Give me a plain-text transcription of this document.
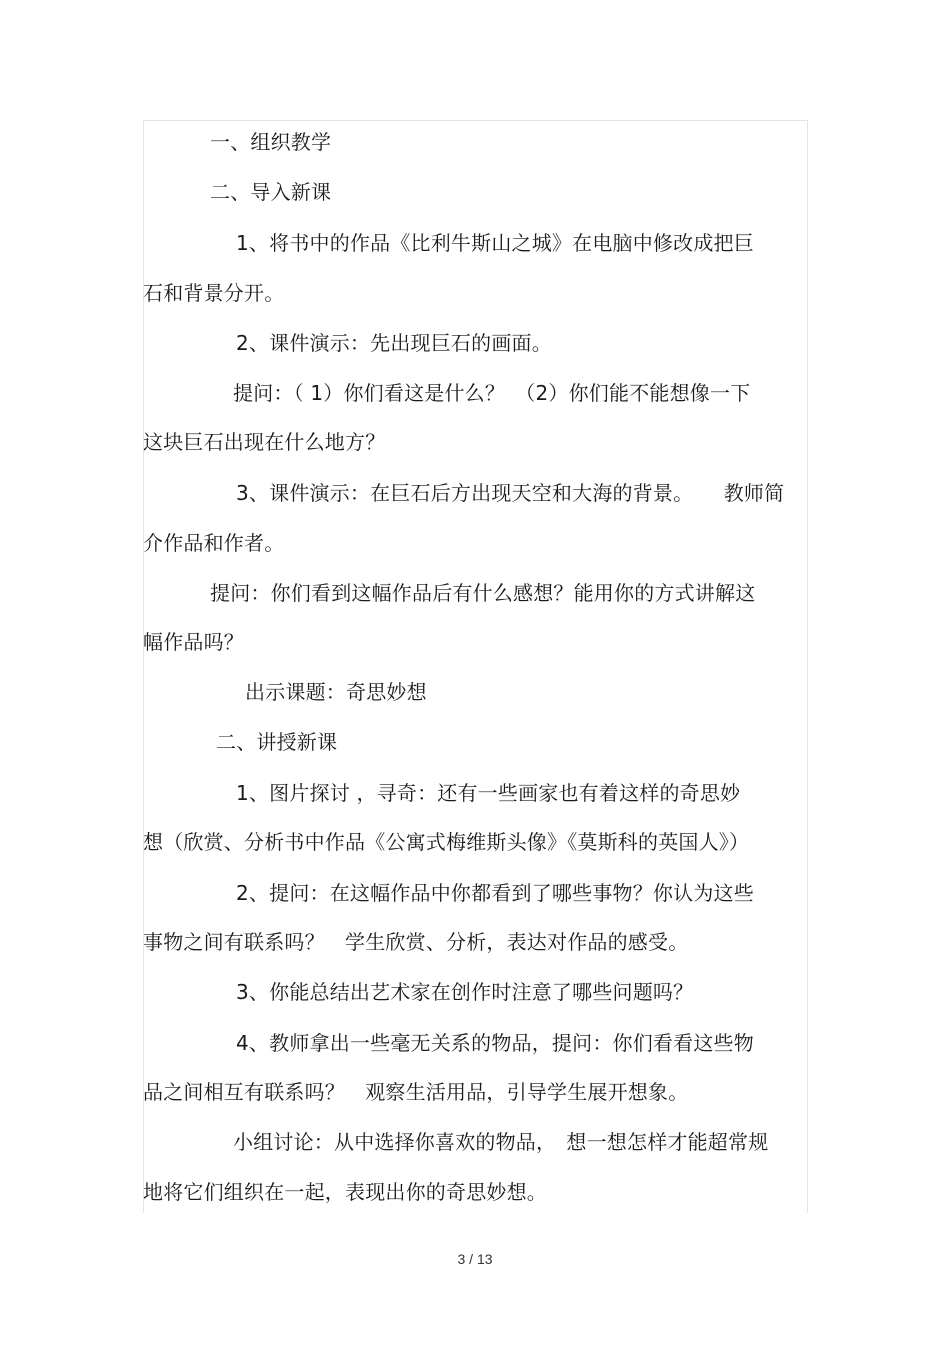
一、组织教学
二、导入新课
1、将书中的作品《比利牛斯山之城》在电脑中修改成把巨
石和背景分开。
2、课件演示：先出现巨石的画面。
提问：（ 1）你们看这是什么？　（2）你们能不能想像一下
这块巨石出现在什么地方？
3、课件演示：在巨石后方出现天空和大海的背景。　　教师简
介作品和作者。
提问：你们看到这幅作品后有什么感想？能用你的方式讲解这
幅作品吗？
出示课题：奇思妙想
二、讲授新课
1、图片探讨 ，寻奇：还有一些画家也有着这样的奇思妙
想（欣赏、分析书中作品《公寓式梅维斯头像》《莫斯科的英国人》）
2、提问：在这幅作品中你都看到了哪些事物？你认为这些
事物之间有联系吗？　学生欣赏、分析，表达对作品的感受。
3、你能总结出艺术家在创作时注意了哪些问题吗？
4、教师拿出一些毫无关系的物品，提问：你们看看这些物
品之间相互有联系吗？　观察生活用品，引导学生展开想象。
小组讨论：从中选择你喜欢的物品，　想一想怎样才能超常规
地将它们组织在一起，表现出你的奇思妙想。
3 / 13
